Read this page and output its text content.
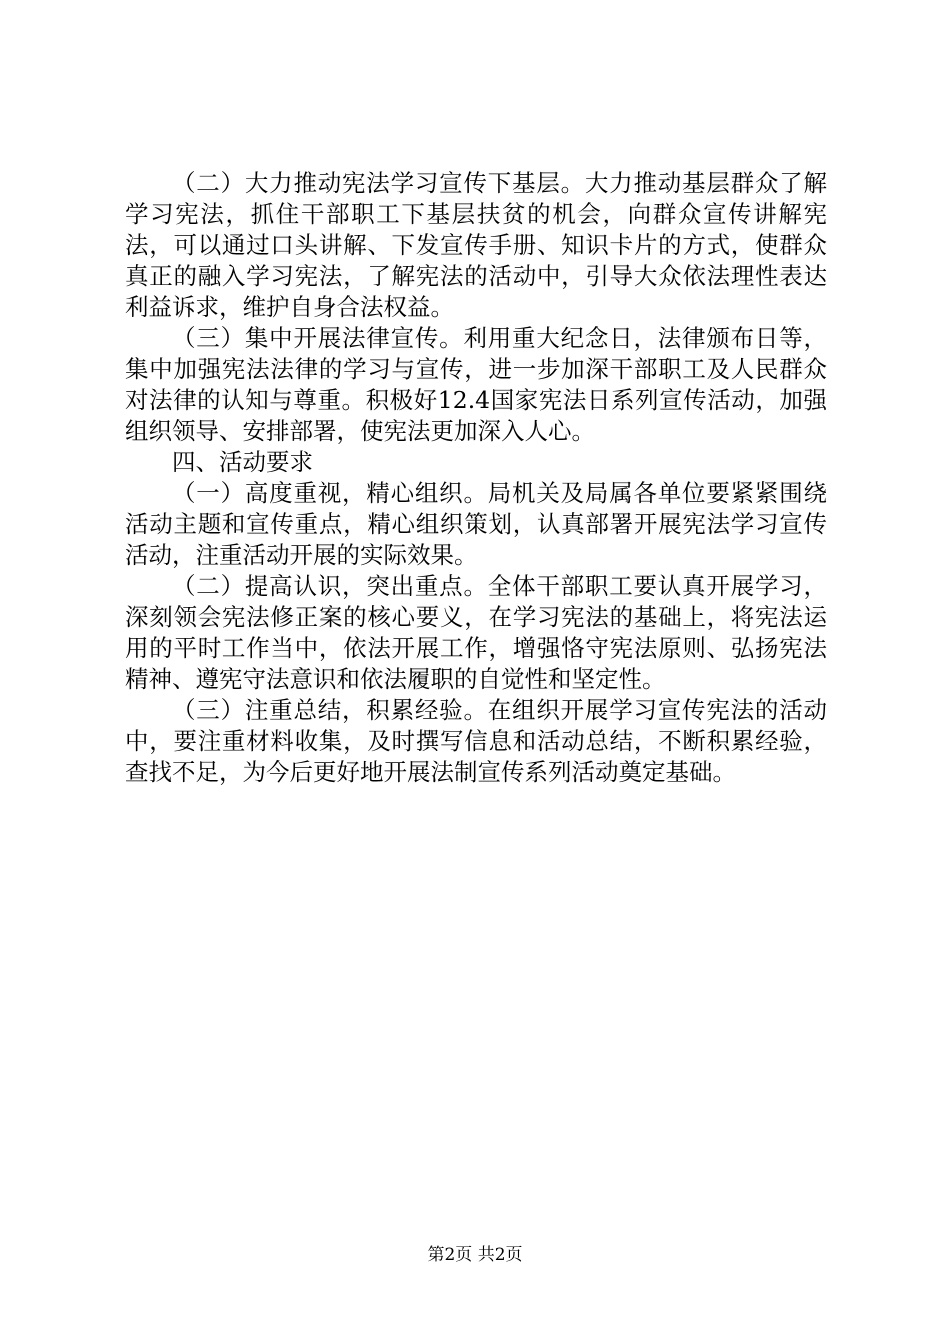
（二）大力推动宪法学习宣传下基层。大力推动基层群众了解学习宪法，抓住干部职工下基层扶贫的机会，向群众宣传讲解宪法，可以通过口头讲解、下发宣传手册、知识卡片的方式，使群众真正的融入学习宪法，了解宪法的活动中，引导大众依法理性表达利益诉求，维护自身合法权益。

（三）集中开展法律宣传。利用重大纪念日，法律颁布日等，集中加强宪法法律的学习与宣传，进一步加深干部职工及人民群众对法律的认知与尊重。积极好12.4国家宪法日系列宣传活动，加强组织领导、安排部署，使宪法更加深入人心。

四、活动要求

（一）高度重视，精心组织。局机关及局属各单位要紧紧围绕活动主题和宣传重点，精心组织策划，认真部署开展宪法学习宣传活动，注重活动开展的实际效果。

（二）提高认识，突出重点。全体干部职工要认真开展学习，深刻领会宪法修正案的核心要义，在学习宪法的基础上，将宪法运用的平时工作当中，依法开展工作，增强恪守宪法原则、弘扬宪法精神、遵宪守法意识和依法履职的自觉性和坚定性。

（三）注重总结，积累经验。在组织开展学习宣传宪法的活动中，要注重材料收集，及时撰写信息和活动总结，不断积累经验，查找不足，为今后更好地开展法制宣传系列活动奠定基础。

第2页 共2页
